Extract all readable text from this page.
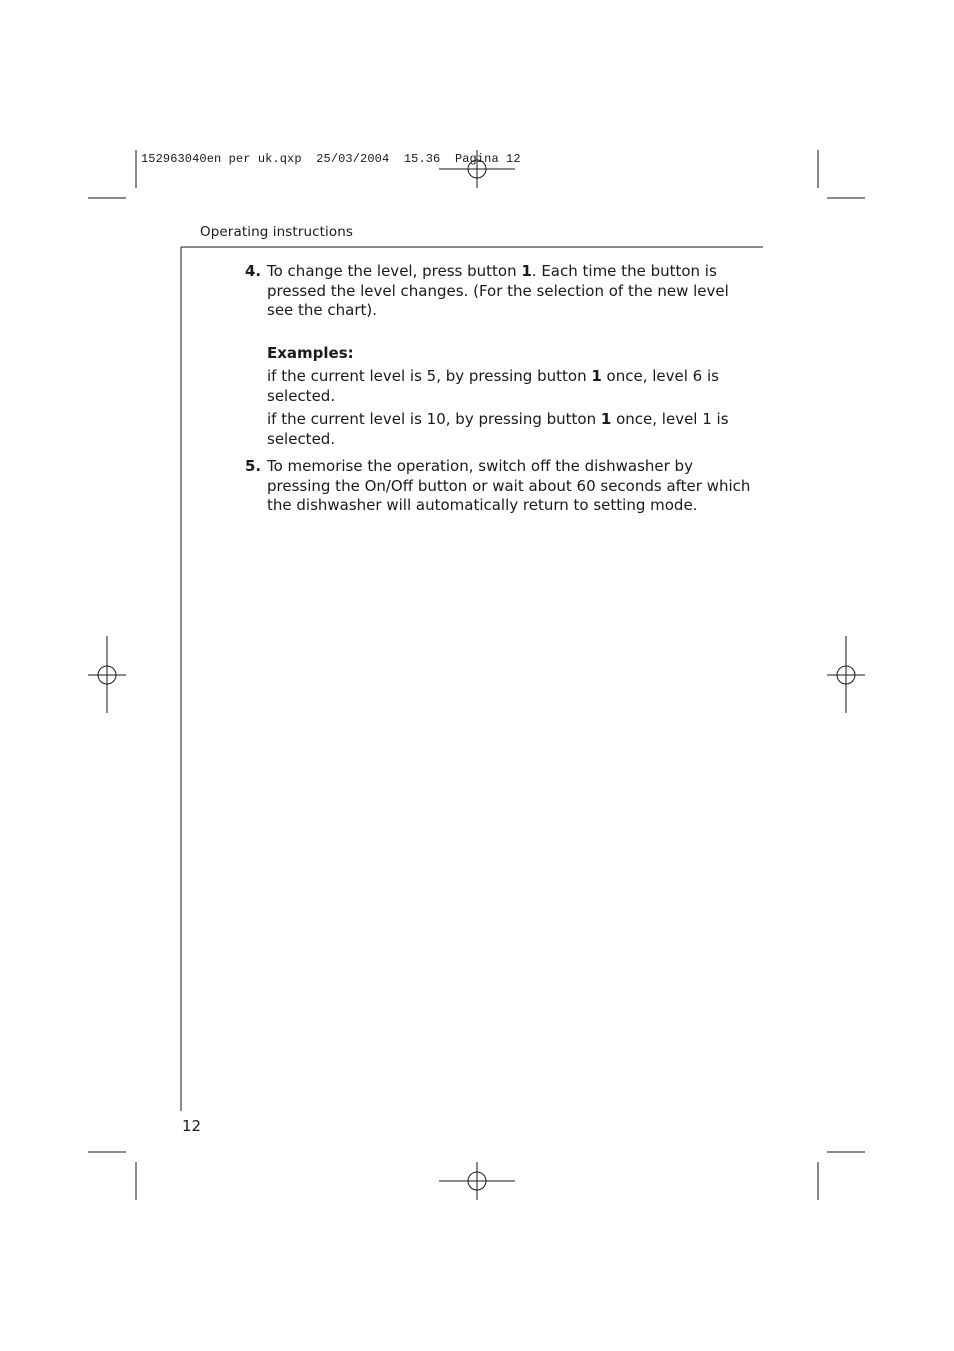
152963040en per uk.qxp  25/03/2004  15.36  Pagina 12
Operating instructions
4. To change the level, press button 1. Each time the button is pressed the level changes. (For the selection of the new level see the chart).
Examples:
if the current level is 5, by pressing button 1 once, level 6 is selected.
if the current level is 10, by pressing button 1 once, level 1 is selected.
5. To memorise the operation, switch off the dishwasher by pressing the On/Off button or wait about 60 seconds after which the dishwasher will automatically return to setting mode.
12
